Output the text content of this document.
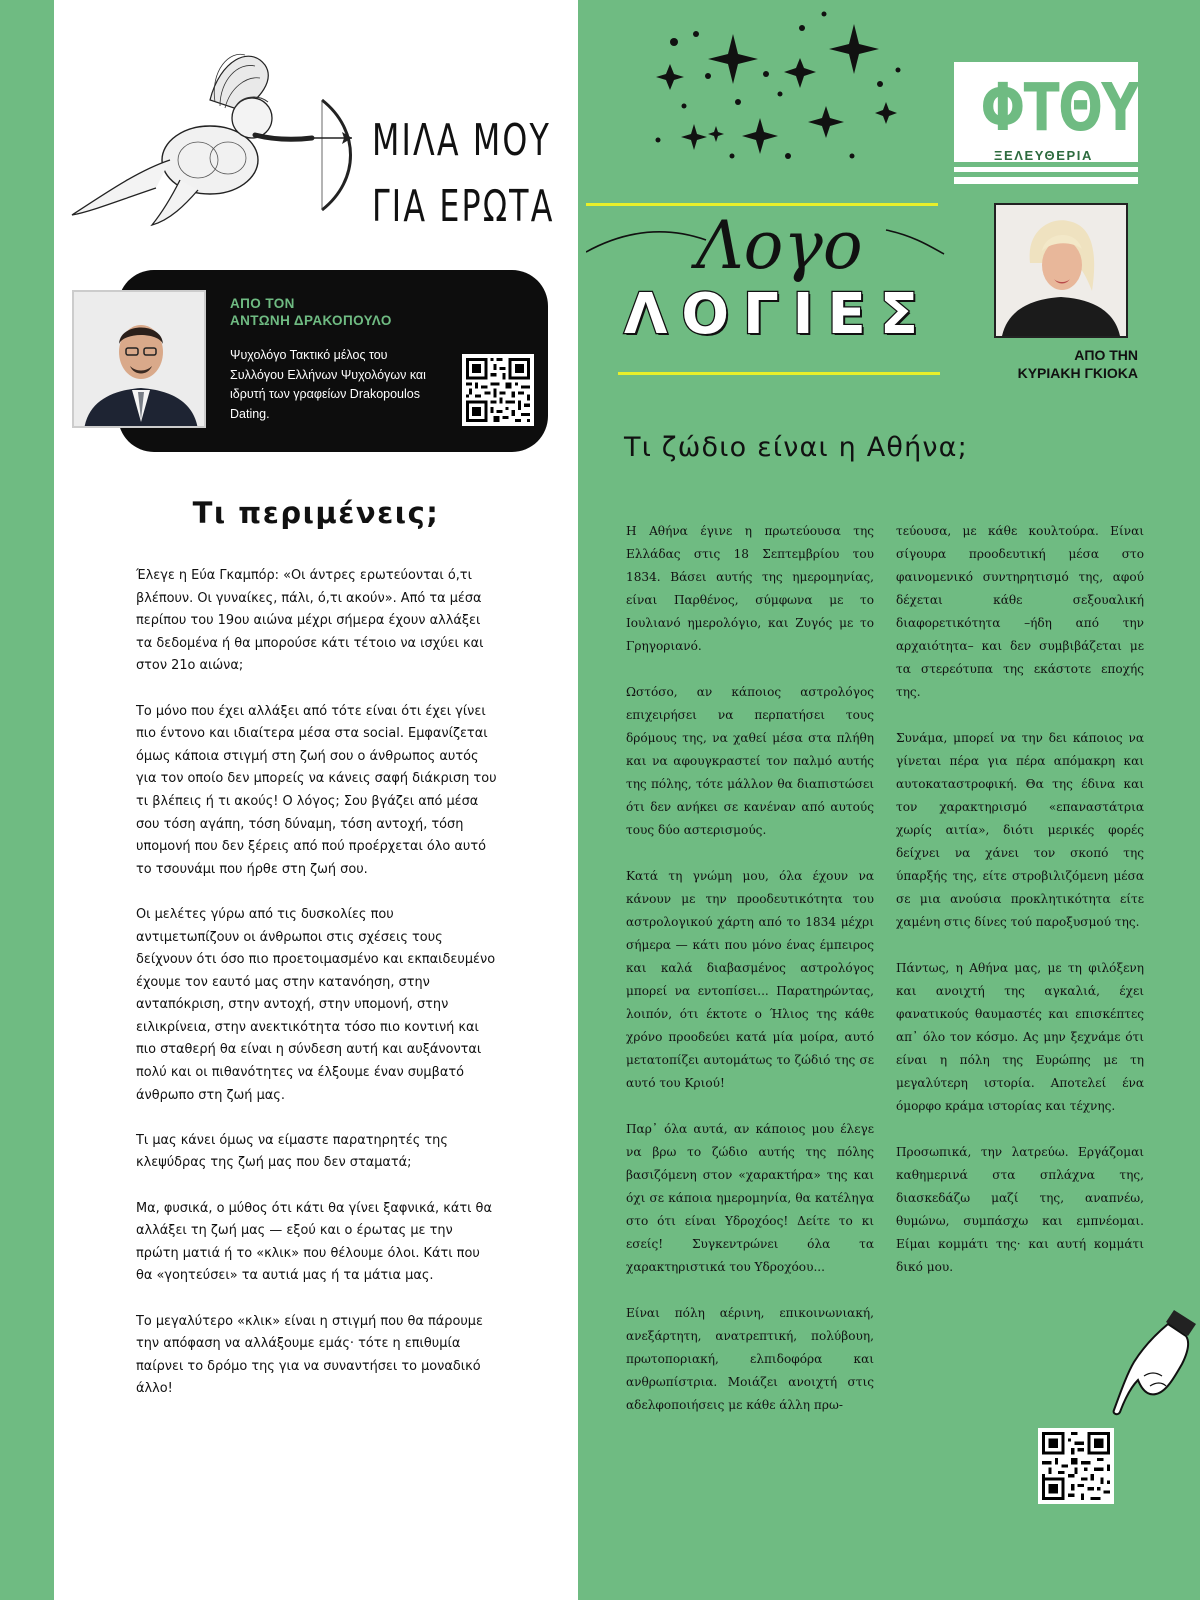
ΜΙΛΑ ΜΟΥ
ΓΙΑ ΕΡΩΤΑ
ΑΠΟ ΤΟΝ
ΑΝΤΩΝΗ ΔΡΑΚΟΠΟΥΛΟ
Ψυχολόγο Τακτικό μέλος του Συλλόγου Ελλήνων Ψυχολόγων και ιδρυτή των γραφείων Drakopoulos Dating.
Τι περιμένεις;

Έλεγε η Εύα Γκαμπόρ: «Οι άντρες ερωτεύονται ό,τι βλέπουν. Οι γυναίκες, πάλι, ό,τι ακούν». Από τα μέσα περίπου του 19ου αιώνα μέχρι σήμερα έχουν αλλάξει τα δεδομένα ή θα μπορούσε κάτι τέτοιο να ισχύει και στον 21ο αιώνα;

Το μόνο που έχει αλλάξει από τότε είναι ότι έχει γίνει πιο έντονο και ιδιαίτερα μέσα στα social. Εμφανίζεται όμως κάποια στιγμή στη ζωή σου ο άνθρωπος αυτός για τον οποίο δεν μπορείς να κάνεις σαφή διάκριση του τι βλέπεις ή τι ακούς! Ο λόγος; Σου βγάζει από μέσα σου τόση αγάπη, τόση δύναμη, τόση αντοχή, τόση υπομονή που δεν ξέρεις από πού προέρχεται όλο αυτό το τσουνάμι που ήρθε στη ζωή σου.

Οι μελέτες γύρω από τις δυσκολίες που αντιμετωπίζουν οι άνθρωποι στις σχέσεις τους δείχνουν ότι όσο πιο προετοιμασμένο και εκπαιδευμένο έχουμε τον εαυτό μας στην κατανόηση, στην ανταπόκριση, στην αντοχή, στην υπομονή, στην ειλικρίνεια, στην ανεκτικότητα τόσο πιο κοντινή και πιο σταθερή θα είναι η σύνδεση αυτή και αυξάνονται πολύ και οι πιθανότητες να έλξουμε έναν συμβατό άνθρωπο στη ζωή μας.

Τι μας κάνει όμως να είμαστε παρατηρητές της κλεψύδρας της ζωή μας που δεν σταματά;

Μα, φυσικά, ο μύθος ότι κάτι θα γίνει ξαφνικά, κάτι θα αλλάξει τη ζωή μας — εξού και ο έρωτας με την πρώτη ματιά ή το «κλικ» που θέλουμε όλοι. Κάτι που θα «γοητεύσει» τα αυτιά μας ή τα μάτια μας.

Το μεγαλύτερο «κλικ» είναι η στιγμή που θα πάρουμε την απόφαση να αλλάξουμε εμάς· τότε η επιθυμία παίρνει το δρόμο της για να συναντήσει το μοναδικό άλλο!

ΦΤΘΥ
ΞΕΛΕΥΘΕΡΙΑ
Λογο
ΛΟΓΙΕΣ
ΑΠΟ ΤΗΝ
ΚΥΡΙΑΚΗ ΓΚΙΟΚΑ
Τι ζώδιο είναι η Αθήνα;

Η Αθήνα έγινε η πρωτεύουσα της Ελλάδας στις 18 Σεπτεμβρίου του 1834. Βάσει αυτής της ημερομηνίας, είναι Παρθένος, σύμφωνα με το Ιουλιανό ημερολόγιο, και Ζυγός με το Γρηγοριανό.

Ωστόσο, αν κάποιος αστρολόγος επιχειρήσει να περπατήσει τους δρόμους της, να χαθεί μέσα στα πλήθη και να αφουγκραστεί τον παλμό αυτής της πόλης, τότε μάλλον θα διαπιστώσει ότι δεν ανήκει σε κανέναν από αυτούς τους δύο αστερισμούς.

Κατά τη γνώμη μου, όλα έχουν να κάνουν με την προοδευτικότητα του αστρολογικού χάρτη από το 1834 μέχρι σήμερα — κάτι που μόνο ένας έμπειρος και καλά διαβασμένος αστρολόγος μπορεί να εντοπίσει... Παρατηρώντας, λοιπόν, ότι έκτοτε ο Ήλιος της κάθε χρόνο προοδεύει κατά μία μοίρα, αυτό μετατοπίζει αυτομάτως το ζώδιό της σε αυτό του Κριού!

Παρ᾽ όλα αυτά, αν κάποιος μου έλεγε να βρω το ζώδιο αυτής της πόλης βασιζόμενη στον «χαρακτήρα» της και όχι σε κάποια ημερομηνία, θα κατέληγα στο ότι είναι Υδροχόος! Δείτε το κι εσείς! Συγκεντρώνει όλα τα χαρακτηριστικά του Υδροχόου...

Είναι πόλη αέρινη, επικοινωνιακή, ανεξάρτητη, ανατρεπτική, πολύβουη, πρωτοποριακή, ελπιδοφόρα και ανθρωπίστρια. Μοιάζει ανοιχτή στις αδελφοποιήσεις με κάθε άλλη πρω-

τεύουσα, με κάθε κουλτούρα. Είναι σίγουρα προοδευτική μέσα στο φαινομενικό συντηρητισμό της, αφού δέχεται κάθε σεξουαλική διαφορετικότητα –ήδη από την αρχαιότητα– και δεν συμβιβάζεται με τα στερεότυπα της εκάστοτε εποχής της.

Συνάμα, μπορεί να την δει κάποιος να γίνεται πέρα για πέρα απόμακρη και αυτοκαταστροφική. Θα της έδινα και τον χαρακτηρισμό «επαναστάτρια χωρίς αιτία», διότι μερικές φορές δείχνει να χάνει τον σκοπό της ύπαρξής της, είτε στροβιλιζόμενη μέσα σε μια ανούσια προκλητικότητα είτε χαμένη στις δίνες τού παροξυσμού της.

Πάντως, η Αθήνα μας, με τη φιλόξενη και ανοιχτή της αγκαλιά, έχει φανατικούς θαυμαστές και επισκέπτες απ᾽ όλο τον κόσμο. Ας μην ξεχνάμε ότι είναι η πόλη της Ευρώπης με τη μεγαλύτερη ιστορία. Αποτελεί ένα όμορφο κράμα ιστορίας και τέχνης.

Προσωπικά, την λατρεύω. Εργάζομαι καθημερινά στα σπλάχνα της, διασκεδάζω μαζί της, αναπνέω, θυμώνω, συμπάσχω και εμπνέομαι. Είμαι κομμάτι της· και αυτή κομμάτι δικό μου.
